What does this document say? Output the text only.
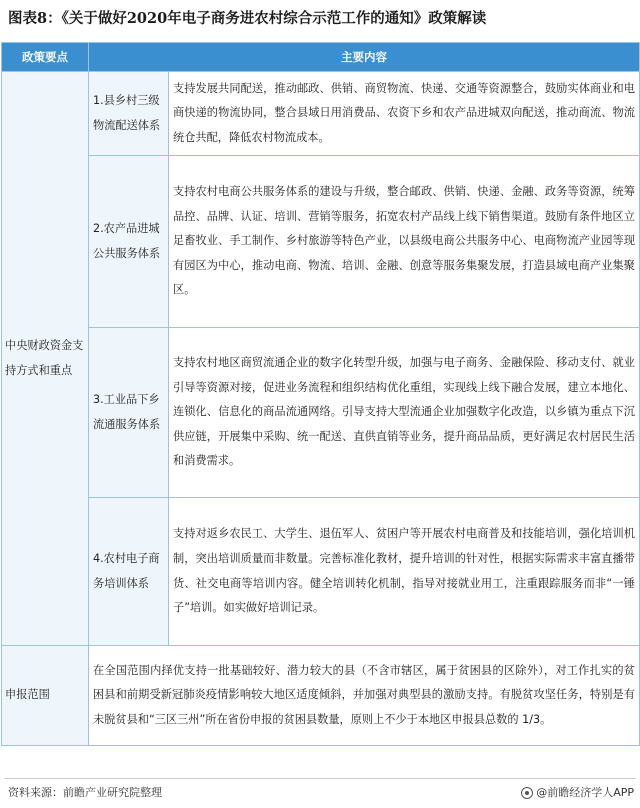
图表8：《关于做好2020年电子商务进农村综合示范工作的通知》政策解读
政策要点	主要内容	
中央财政资金支持方式和重点	1.县乡村三级物流配送体系	支持发展共同配送，推动邮政、供销、商贸物流、快递、交通等资源整合，鼓励实体商业和电商快递的物流协同，整合县域日用消费品、农资下乡和农产品进城双向配送，推动商流、物流统仓共配，降低农村物流成本。
	2.农产品进城公共服务体系	支持农村电商公共服务体系的建设与升级，整合邮政、供销、快递、金融、政务等资源，统筹品控、品牌、认证、培训、营销等服务，拓宽农村产品线上线下销售渠道。鼓励有条件地区立足畜牧业、手工制作、乡村旅游等特色产业，以县级电商公共服务中心、电商物流产业园等现有园区为中心，推动电商、物流、培训、金融、创意等服务集聚发展，打造县域电商产业集聚区。
	3.工业品下乡流通服务体系	支持农村地区商贸流通企业的数字化转型升级，加强与电子商务、金融保险、移动支付、就业引导等资源对接，促进业务流程和组织结构优化重组，实现线上线下融合发展，建立本地化、连锁化、信息化的商品流通网络。引导支持大型流通企业加强数字化改造，以乡镇为重点下沉供应链，开展集中采购、统一配送、直供直销等业务，提升商品品质，更好满足农村居民生活和消费需求。
	4.农村电子商务培训体系	支持对返乡农民工、大学生、退伍军人、贫困户等开展农村电商普及和技能培训，强化培训机制，突出培训质量而非数量。完善标准化教材，提升培训的针对性，根据实际需求丰富直播带货、社交电商等培训内容。健全培训转化机制，指导对接就业用工，注重跟踪服务而非“一锤子”培训。如实做好培训记录。
申报范围	在全国范围内择优支持一批基础较好、潜力较大的县（不含市辖区，属于贫困县的区除外），对工作扎实的贫困县和前期受新冠肺炎疫情影响较大地区适度倾斜，并加强对典型县的激励支持。有脱贫攻坚任务，特别是有未脱贫县和“三区三州”所在省份申报的贫困县数量，原则上不少于本地区申报县总数的 1/3。	
资料来源：前瞻产业研究院整理	@前瞻经济学人APP
